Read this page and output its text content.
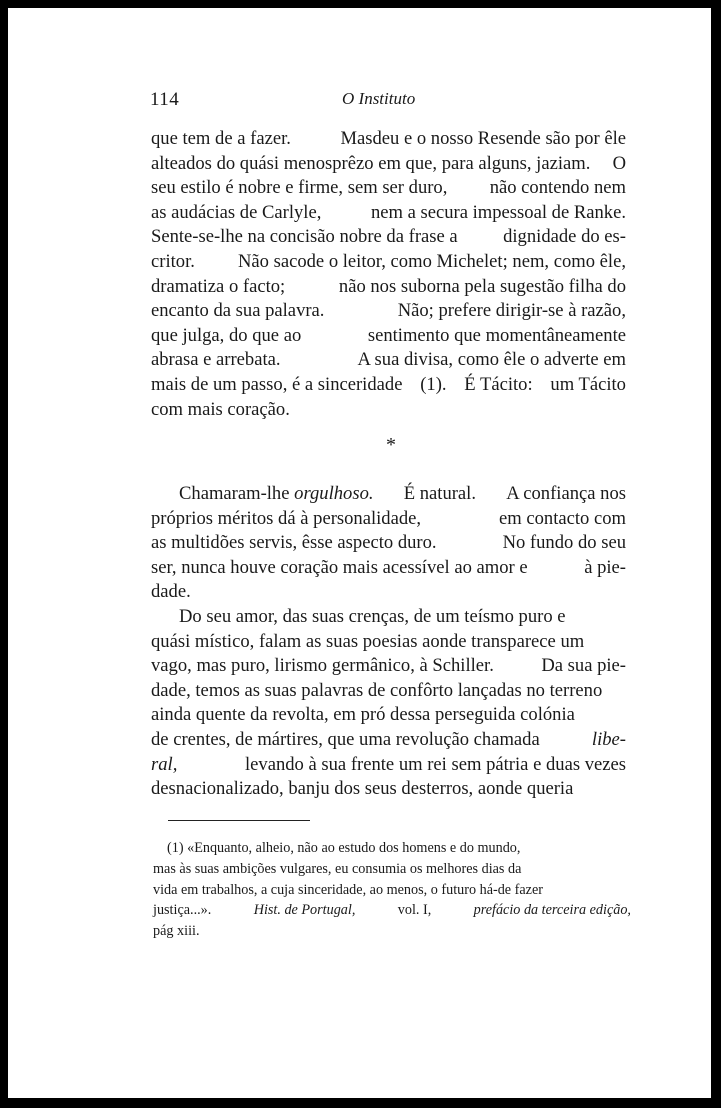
114	O Instituto
que tem de a fazer.	Masdeu e o nosso Resende são por êle
alteados do quási menosprêzo em que, para alguns, jaziam. O
seu estilo é nobre e firme, sem ser duro, não contendo nem
as audácias de Carlyle,	nem a secura impessoal de Ranke.
Sente-se-lhe na concisão nobre da frase a dignidade do es-
critor. Não sacode o leitor, como Michelet; nem, como êle,
dramatiza o facto;	não nos suborna pela sugestão filha do
encanto da sua palavra.	Não; prefere dirigir-se à razão,
que julga, do que ao	sentimento que momentâneamente
abrasa e arrebata.	A sua divisa, como êle o adverte em
mais de um passo, é a sinceridade (1). É Tácito: um Tácito
com mais coração.
*
Chamaram-lhe orgulhoso. É natural. A confiança nos
próprios méritos dá à personalidade,	em contacto com
as multidões servis, êsse aspecto duro.	No fundo do seu
ser, nunca houve coração mais acessível ao amor e	à pie-
dade.
Do seu amor, das suas crenças, de um teísmo puro e
quási místico, falam as suas poesias aonde transparece um
vago, mas puro, lirismo germânico, à Schiller.	Da sua pie-
dade, temos as suas palavras de confôrto lançadas no terreno
ainda quente da revolta, em pró dessa perseguida colónia
de crentes, de mártires, que uma revolução chamada	libe-
ral,	levando à sua frente um rei sem pátria e duas vezes
desnacionalizado, banju dos seus desterros, aonde queria
(1) «Enquanto, alheio, não ao estudo dos homens e do mundo,
mas às suas ambições vulgares, eu consumia os melhores dias da
vida em trabalhos, a cuja sinceridade, ao menos, o futuro há-de fazer
justiça...».	Hist. de Portugal,	vol. I,	prefácio da terceira edição,
pág xiii.
